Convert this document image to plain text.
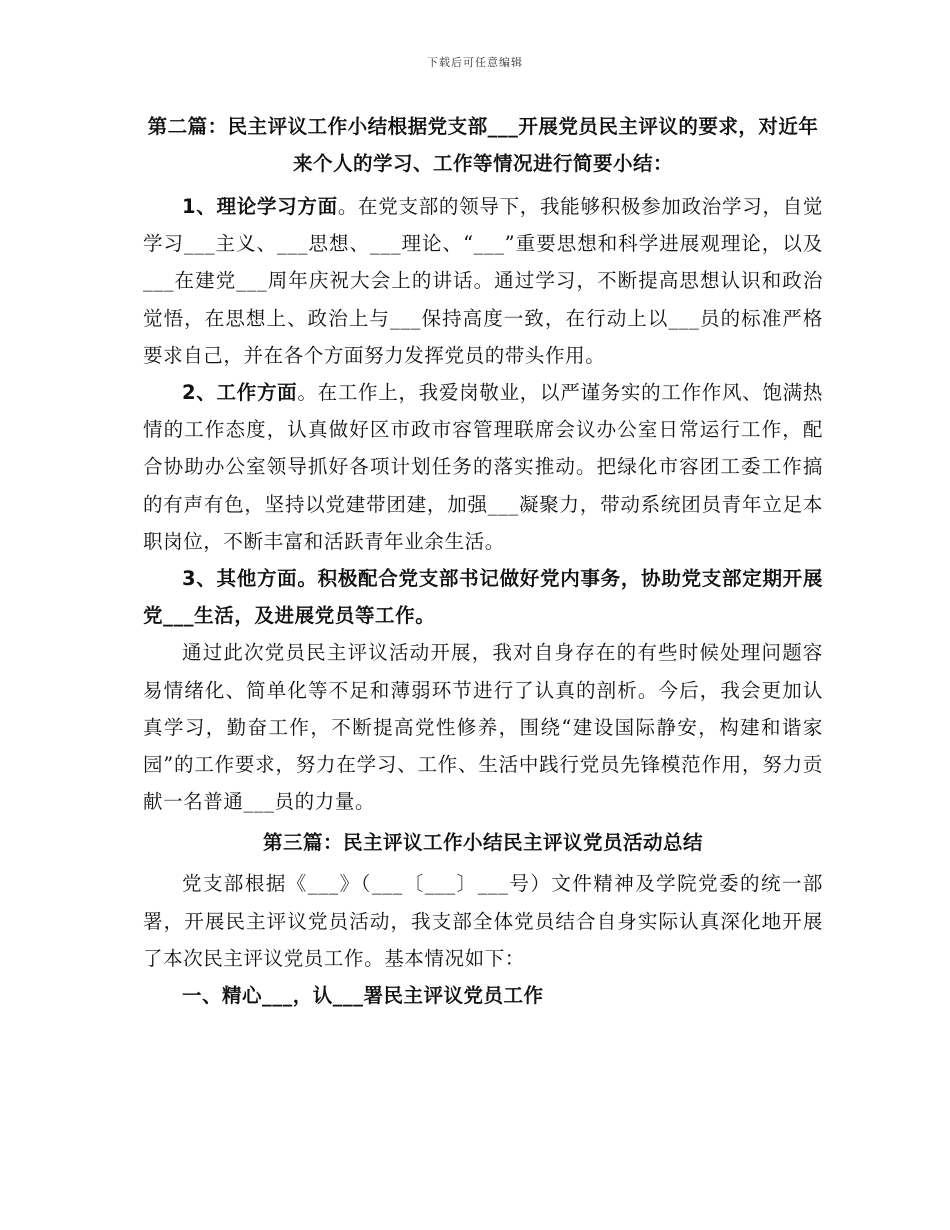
下载后可任意编辑
第二篇：民主评议工作小结根据党支部___开展党员民主评议的要求，对近年来个人的学习、工作等情况进行简要小结：

1、理论学习方面。在党支部的领导下，我能够积极参加政治学习，自觉学习___主义、___思想、___理论、“___”重要思想和科学进展观理论，以及___在建党___周年庆祝大会上的讲话。通过学习，不断提高思想认识和政治觉悟，在思想上、政治上与___保持高度一致，在行动上以___员的标准严格要求自己，并在各个方面努力发挥党员的带头作用。

2、工作方面。在工作上，我爱岗敬业，以严谨务实的工作作风、饱满热情的工作态度，认真做好区市政市容管理联席会议办公室日常运行工作，配合协助办公室领导抓好各项计划任务的落实推动。把绿化市容团工委工作搞的有声有色，坚持以党建带团建，加强___凝聚力，带动系统团员青年立足本职岗位，不断丰富和活跃青年业余生活。

3、其他方面。积极配合党支部书记做好党内事务，协助党支部定期开展党___生活，及进展党员等工作。

通过此次党员民主评议活动开展，我对自身存在的有些时候处理问题容易情绪化、简单化等不足和薄弱环节进行了认真的剖析。今后，我会更加认真学习，勤奋工作，不断提高党性修养，围绕“建设国际静安，构建和谐家园”的工作要求，努力在学习、工作、生活中践行党员先锋模范作用，努力贡献一名普通___员的力量。

第三篇：民主评议工作小结民主评议党员活动总结

党支部根据《___》（___〔___〕___号）文件精神及学院党委的统一部署，开展民主评议党员活动，我支部全体党员结合自身实际认真深化地开展了本次民主评议党员工作。基本情况如下：

一、精心___，认___署民主评议党员工作
